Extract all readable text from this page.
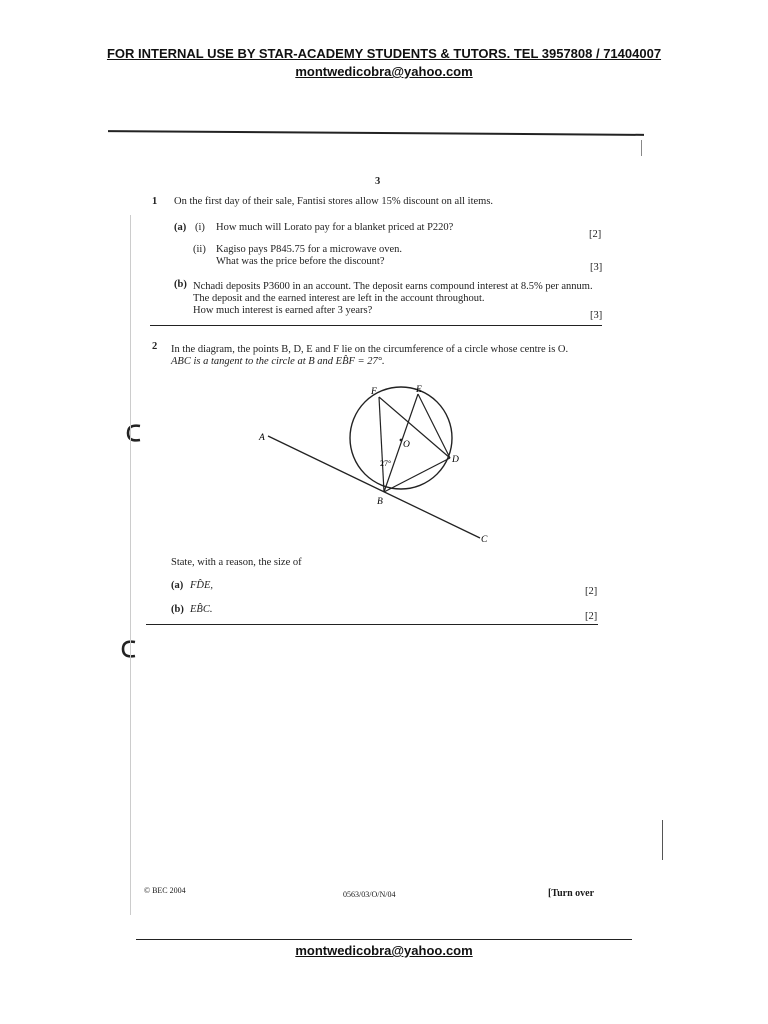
FOR INTERNAL USE BY STAR-ACADEMY STUDENTS & TUTORS. TEL 3957808 / 71404007
montwedicobra@yahoo.com
3
1 On the first day of their sale, Fantisi stores allow 15% discount on all items.
(a) (i) How much will Lorato pay for a blanket priced at P220?
[2]
(ii) Kagiso pays P845.75 for a microwave oven.
What was the price before the discount?
[3]
(b) Nchadi deposits P3600 in an account. The deposit earns compound interest at 8.5% per annum.
The deposit and the earned interest are left in the account throughout.
How much interest is earned after 3 years?	[3]
2 In the diagram, the points B, D, E and F lie on the circumference of a circle whose centre is O.
ABC is a tangent to the circle at B and EB̂F = 27°.
A
B
C
D
E
F
O
27°
State, with a reason, the size of
(a) FD̂E,
[2]
(b) EB̂C.
[2]
© BEC 2004	0563/03/O/N/04	[Turn over
montwedicobra@yahoo.com
